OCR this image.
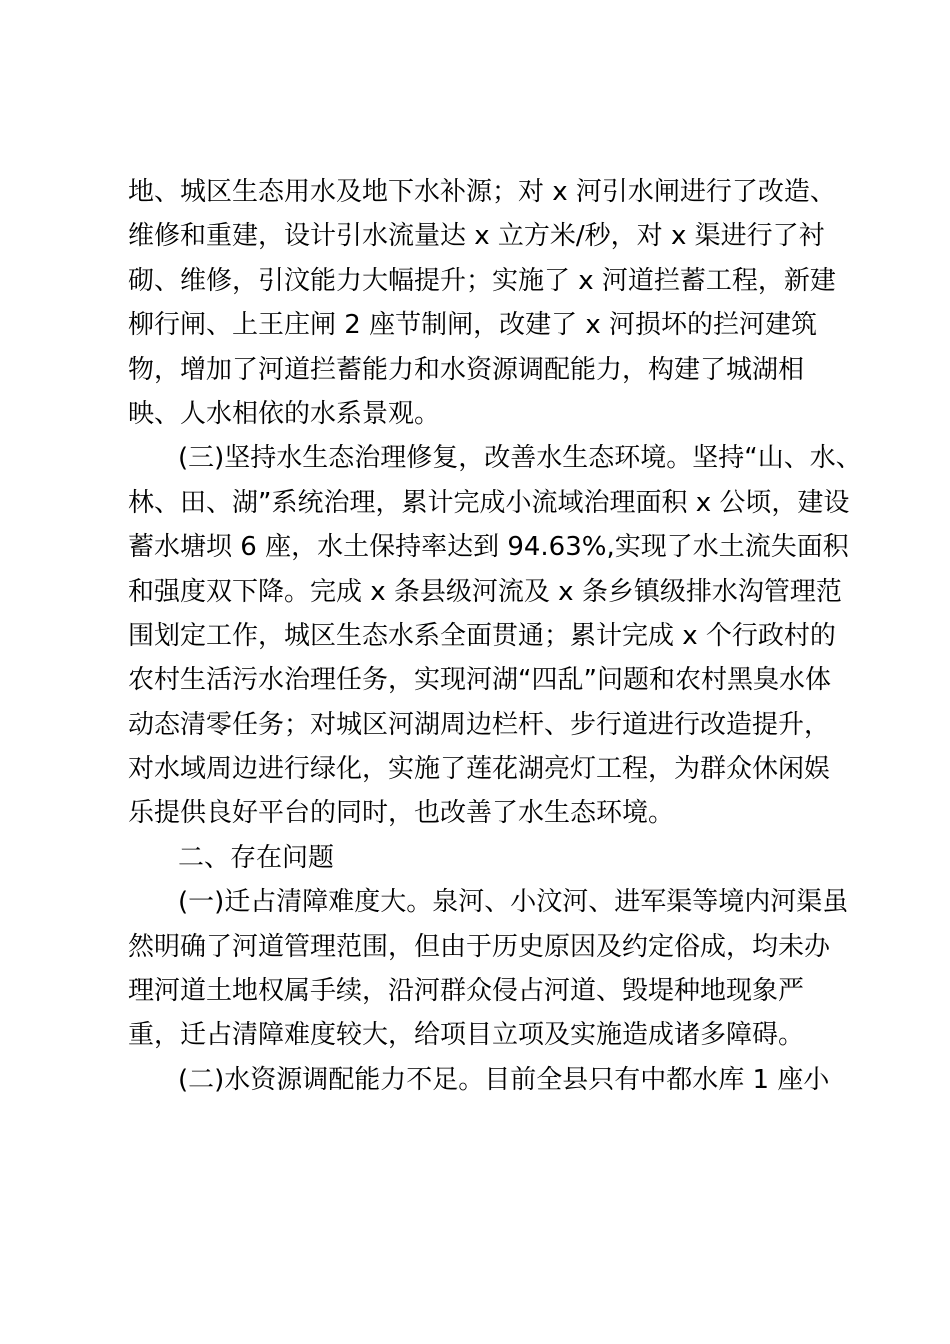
地、城区生态用水及地下水补源；对 x 河引水闸进行了改造、
维修和重建，设计引水流量达 x 立方米/秒，对 x 渠进行了衬
砌、维修，引汶能力大幅提升；实施了 x 河道拦蓄工程，新建
柳行闸、上王庄闸 2 座节制闸，改建了 x 河损坏的拦河建筑
物，增加了河道拦蓄能力和水资源调配能力，构建了城湖相
映、人水相依的水系景观。
(三)坚持水生态治理修复，改善水生态环境。坚持“山、水、
林、田、湖”系统治理，累计完成小流域治理面积 x 公顷，建设
蓄水塘坝 6 座，水土保持率达到 94.63%,实现了水土流失面积
和强度双下降。完成 x 条县级河流及 x 条乡镇级排水沟管理范
围划定工作，城区生态水系全面贯通；累计完成 x 个行政村的
农村生活污水治理任务，实现河湖“四乱”问题和农村黑臭水体
动态清零任务；对城区河湖周边栏杆、步行道进行改造提升，
对水域周边进行绿化，实施了莲花湖亮灯工程，为群众休闲娱
乐提供良好平台的同时，也改善了水生态环境。
二、存在问题
(一)迁占清障难度大。泉河、小汶河、进军渠等境内河渠虽
然明确了河道管理范围，但由于历史原因及约定俗成，均未办
理河道土地权属手续，沿河群众侵占河道、毁堤种地现象严
重，迁占清障难度较大，给项目立项及实施造成诸多障碍。
(二)水资源调配能力不足。目前全县只有中都水库 1 座小
